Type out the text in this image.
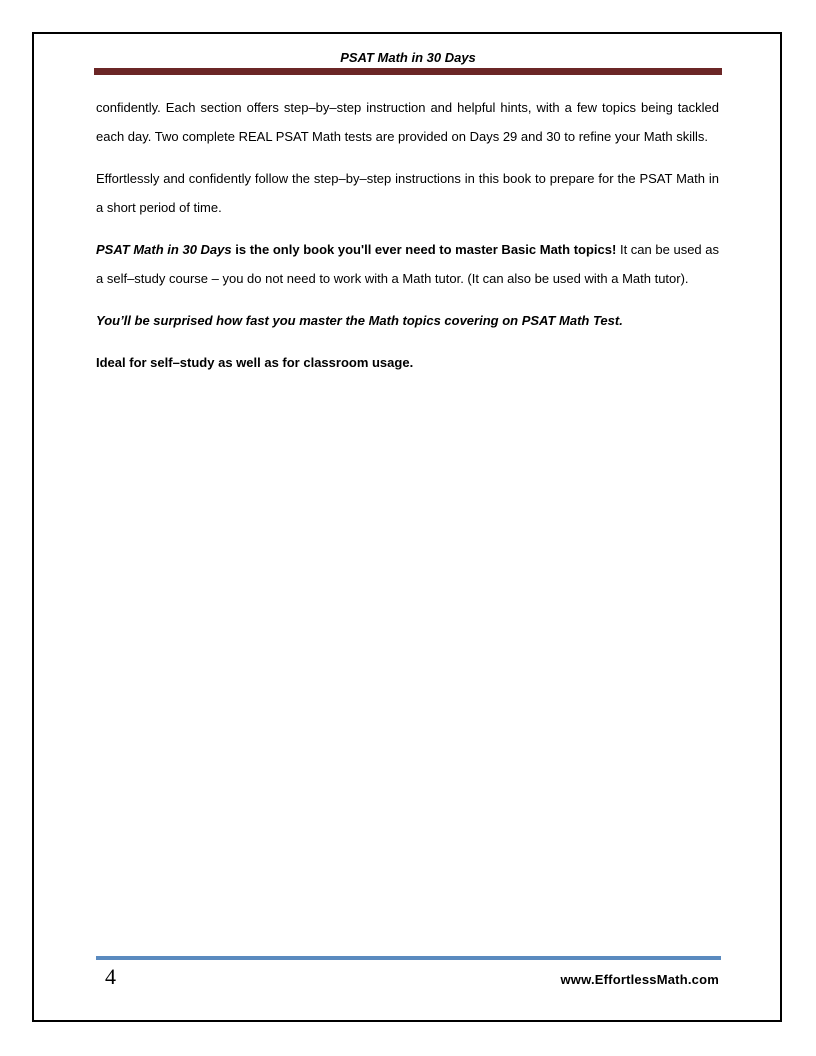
PSAT Math in 30 Days

confidently. Each section offers step–by–step instruction and helpful hints, with a few topics being tackled each day. Two complete REAL PSAT Math tests are provided on Days 29 and 30 to refine your Math skills.

Effortlessly and confidently follow the step–by–step instructions in this book to prepare for the PSAT Math in a short period of time.

PSAT Math in 30 Days is the only book you'll ever need to master Basic Math topics! It can be used as a self–study course – you do not need to work with a Math tutor. (It can also be used with a Math tutor).

You’ll be surprised how fast you master the Math topics covering on PSAT Math Test.

Ideal for self–study as well as for classroom usage.

4	www.EffortlessMath.com
